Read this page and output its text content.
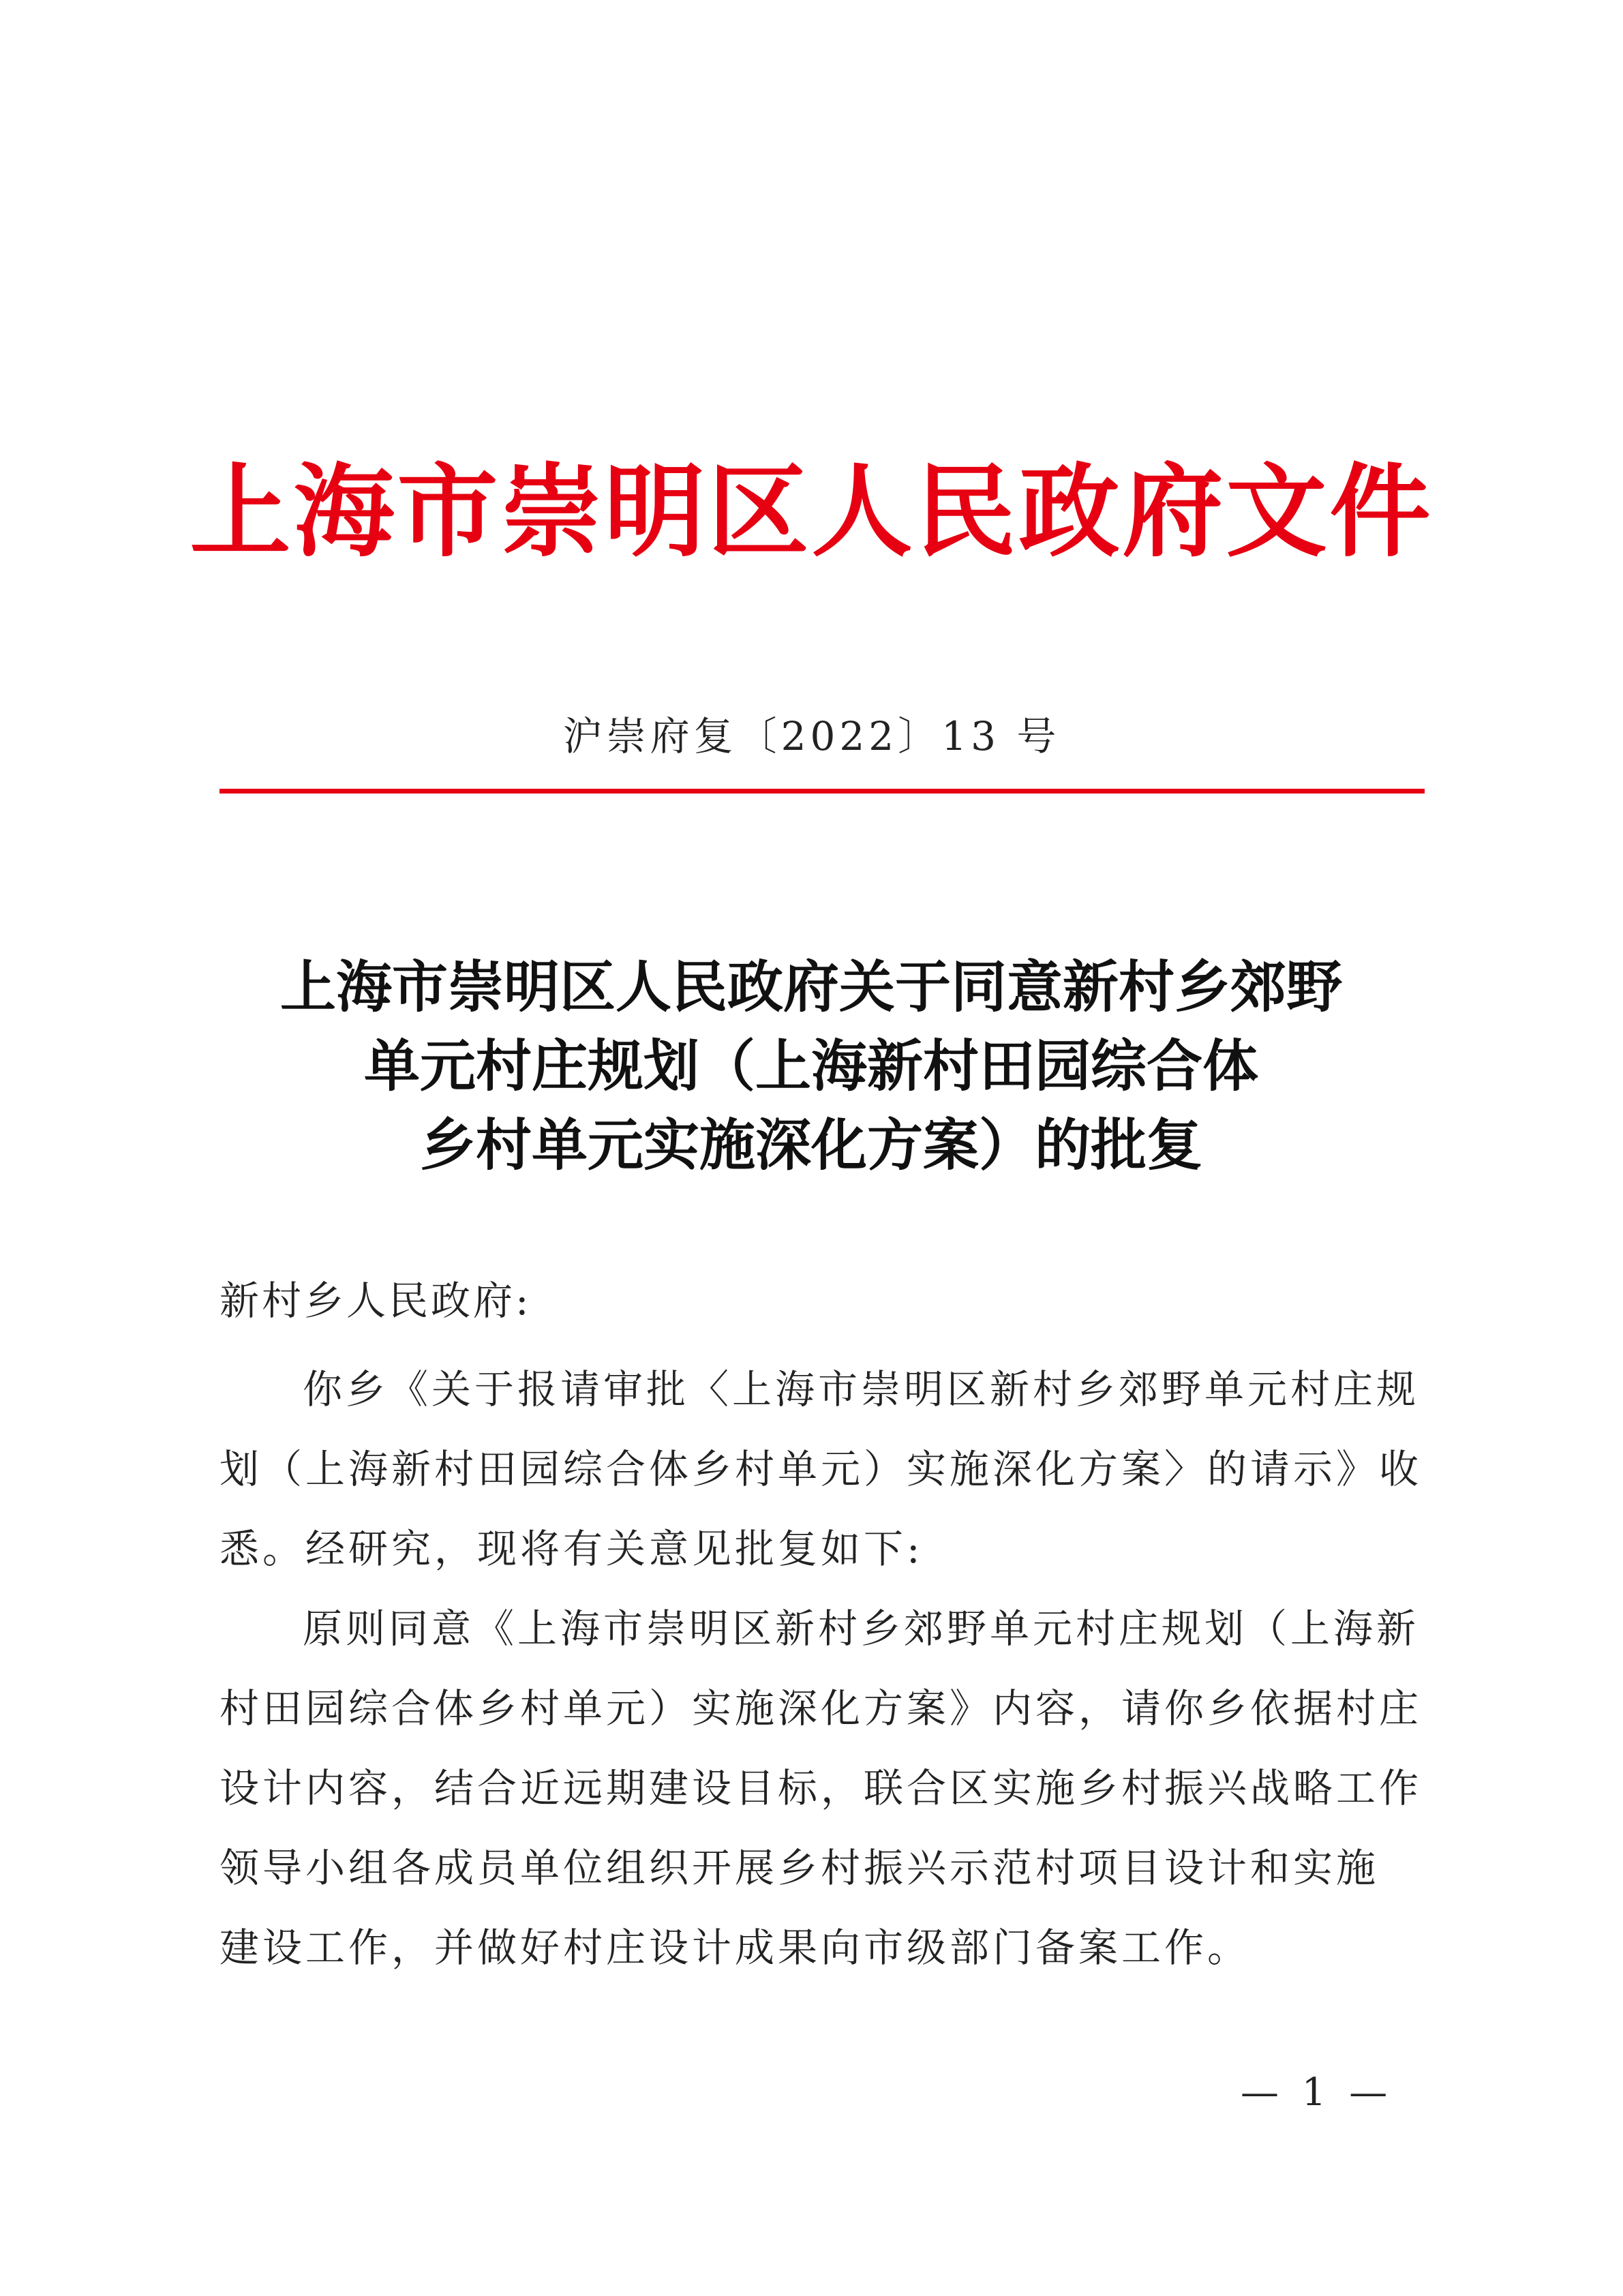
上海市崇明区人民政府文件
沪崇府复〔2022〕13 号
上海市崇明区人民政府关于同意新村乡郊野
单元村庄规划（上海新村田园综合体
乡村单元实施深化方案）的批复
新村乡人民政府:
你乡《关于报请审批〈上海市崇明区新村乡郊野单元村庄规
划（上海新村田园综合体乡村单元）实施深化方案〉的请示》收
悉。经研究，现将有关意见批复如下:
原则同意《上海市崇明区新村乡郊野单元村庄规划（上海新
村田园综合体乡村单元）实施深化方案》内容，请你乡依据村庄
设计内容，结合近远期建设目标，联合区实施乡村振兴战略工作
领导小组各成员单位组织开展乡村振兴示范村项目设计和实施
建设工作，并做好村庄设计成果向市级部门备案工作。
— 1 —
